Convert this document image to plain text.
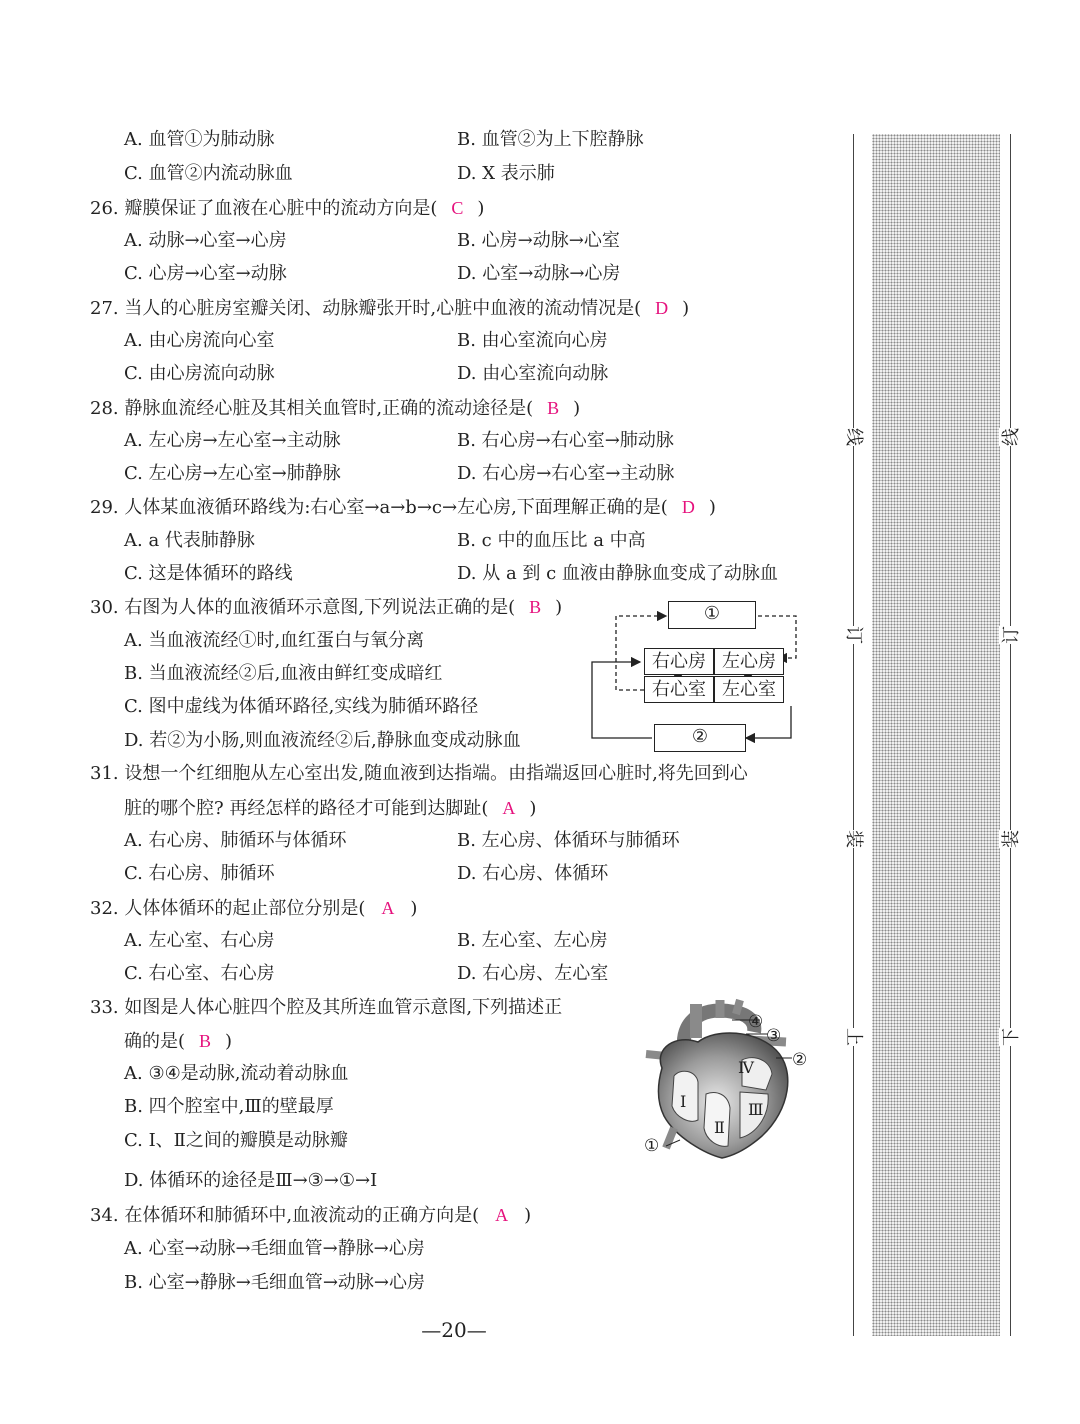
A. 血管①为肺动脉	B. 血管②为上下腔静脉
C. 血管②内流动脉血	D. X 表示肺
26. 瓣膜保证了血液在心脏中的流动方向是( C )
A. 动脉→心室→心房	B. 心房→动脉→心室
C. 心房→心室→动脉	D. 心室→动脉→心房
27. 当人的心脏房室瓣关闭、动脉瓣张开时,心脏中血液的流动情况是( D )
A. 由心房流向心室	B. 由心室流向心房
C. 由心房流向动脉	D. 由心室流向动脉
28. 静脉血流经心脏及其相关血管时,正确的流动途径是( B )
A. 左心房→左心室→主动脉	B. 右心房→右心室→肺动脉
C. 左心房→左心室→肺静脉	D. 右心房→右心室→主动脉
29. 人体某血液循环路线为:右心室→a→b→c→左心房,下面理解正确的是( D )
A. a 代表肺静脉	B. c 中的血压比 a 中高
C. 这是体循环的路线	D. 从 a 到 c 血液由静脉血变成了动脉血
30. 右图为人体的血液循环示意图,下列说法正确的是( B )
A. 当血液流经①时,血红蛋白与氧分离
B. 当血液流经②后,血液由鲜红变成暗红
C. 图中虚线为体循环路径,实线为肺循环路径
D. 若②为小肠,则血液流经②后,静脉血变成动脉血
①
②
右心房 左心房
右心室 左心室
31. 设想一个红细胞从左心室出发,随血液到达指端。由指端返回心脏时,将先回到心
脏的哪个腔? 再经怎样的路径才可能到达脚趾( A )
A. 右心房、肺循环与体循环	B. 左心房、体循环与肺循环
C. 右心房、肺循环	D. 右心房、体循环
32. 人体体循环的起止部位分别是( A )
A. 左心室、右心房	B. 左心室、左心房
C. 右心室、右心房	D. 右心房、左心室
33. 如图是人体心脏四个腔及其所连血管示意图,下列描述正
确的是( B )
A. ③④是动脉,流动着动脉血
B. 四个腔室中,Ⅲ的壁最厚
C. Ⅰ、Ⅱ之间的瓣膜是动脉瓣
D. 体循环的途径是Ⅲ→③→①→Ⅰ
④
③
②
Ⅳ
Ⅰ	Ⅲ
Ⅱ
①
34. 在体循环和肺循环中,血液流动的正确方向是( A )
A. 心室→动脉→毛细血管→静脉→心房
B. 心室→静脉→毛细血管→动脉→心房
—20—
线
订
装
上
线
订
装
下
